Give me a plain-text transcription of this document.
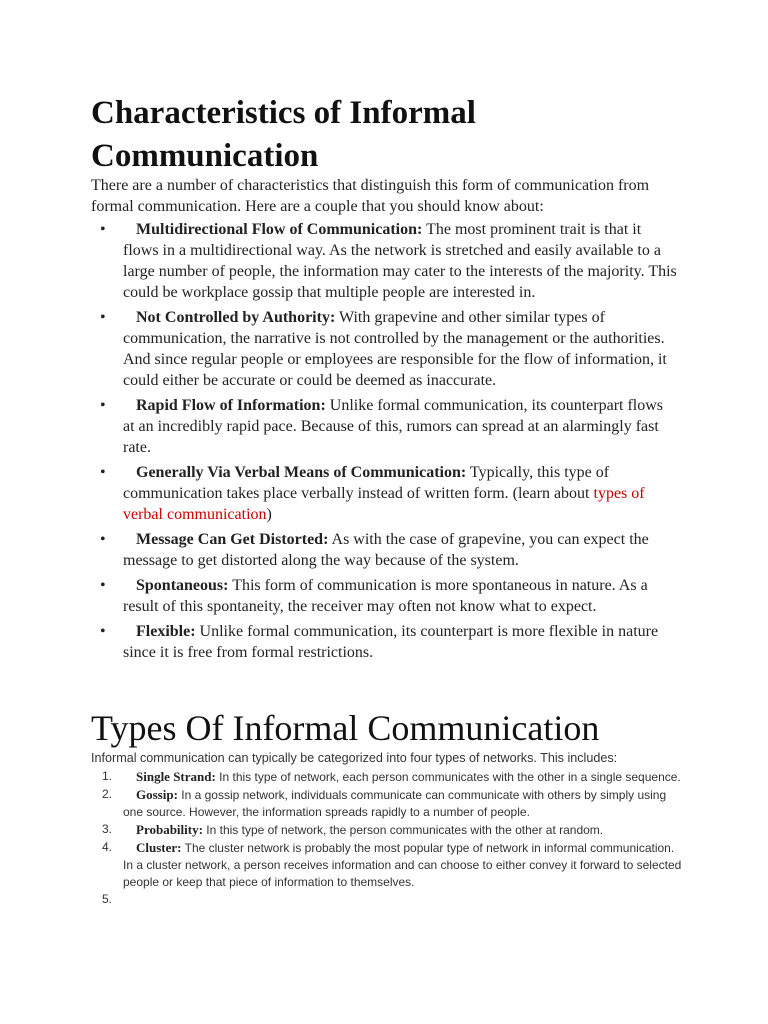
Characteristics of Informal Communication

There are a number of characteristics that distinguish this form of communication from formal communication. Here are a couple that you should know about:

• Multidirectional Flow of Communication: The most prominent trait is that it flows in a multidirectional way. As the network is stretched and easily available to a large number of people, the information may cater to the interests of the majority. This could be workplace gossip that multiple people are interested in.
• Not Controlled by Authority: With grapevine and other similar types of communication, the narrative is not controlled by the management or the authorities. And since regular people or employees are responsible for the flow of information, it could either be accurate or could be deemed as inaccurate.
• Rapid Flow of Information: Unlike formal communication, its counterpart flows at an incredibly rapid pace. Because of this, rumors can spread at an alarmingly fast rate.
• Generally Via Verbal Means of Communication: Typically, this type of communication takes place verbally instead of written form. (learn about types of verbal communication)
• Message Can Get Distorted: As with the case of grapevine, you can expect the message to get distorted along the way because of the system.
• Spontaneous: This form of communication is more spontaneous in nature. As a result of this spontaneity, the receiver may often not know what to expect.
• Flexible: Unlike formal communication, its counterpart is more flexible in nature since it is free from formal restrictions.
Types Of Informal Communication

Informal communication can typically be categorized into four types of networks. This includes:

1. Single Strand: In this type of network, each person communicates with the other in a single sequence.
2. Gossip: In a gossip network, individuals communicate can communicate with others by simply using one source. However, the information spreads rapidly to a number of people.
3. Probability: In this type of network, the person communicates with the other at random.
4. Cluster: The cluster network is probably the most popular type of network in informal communication. In a cluster network, a person receives information and can choose to either convey it forward to selected people or keep that piece of information to themselves.
5.
